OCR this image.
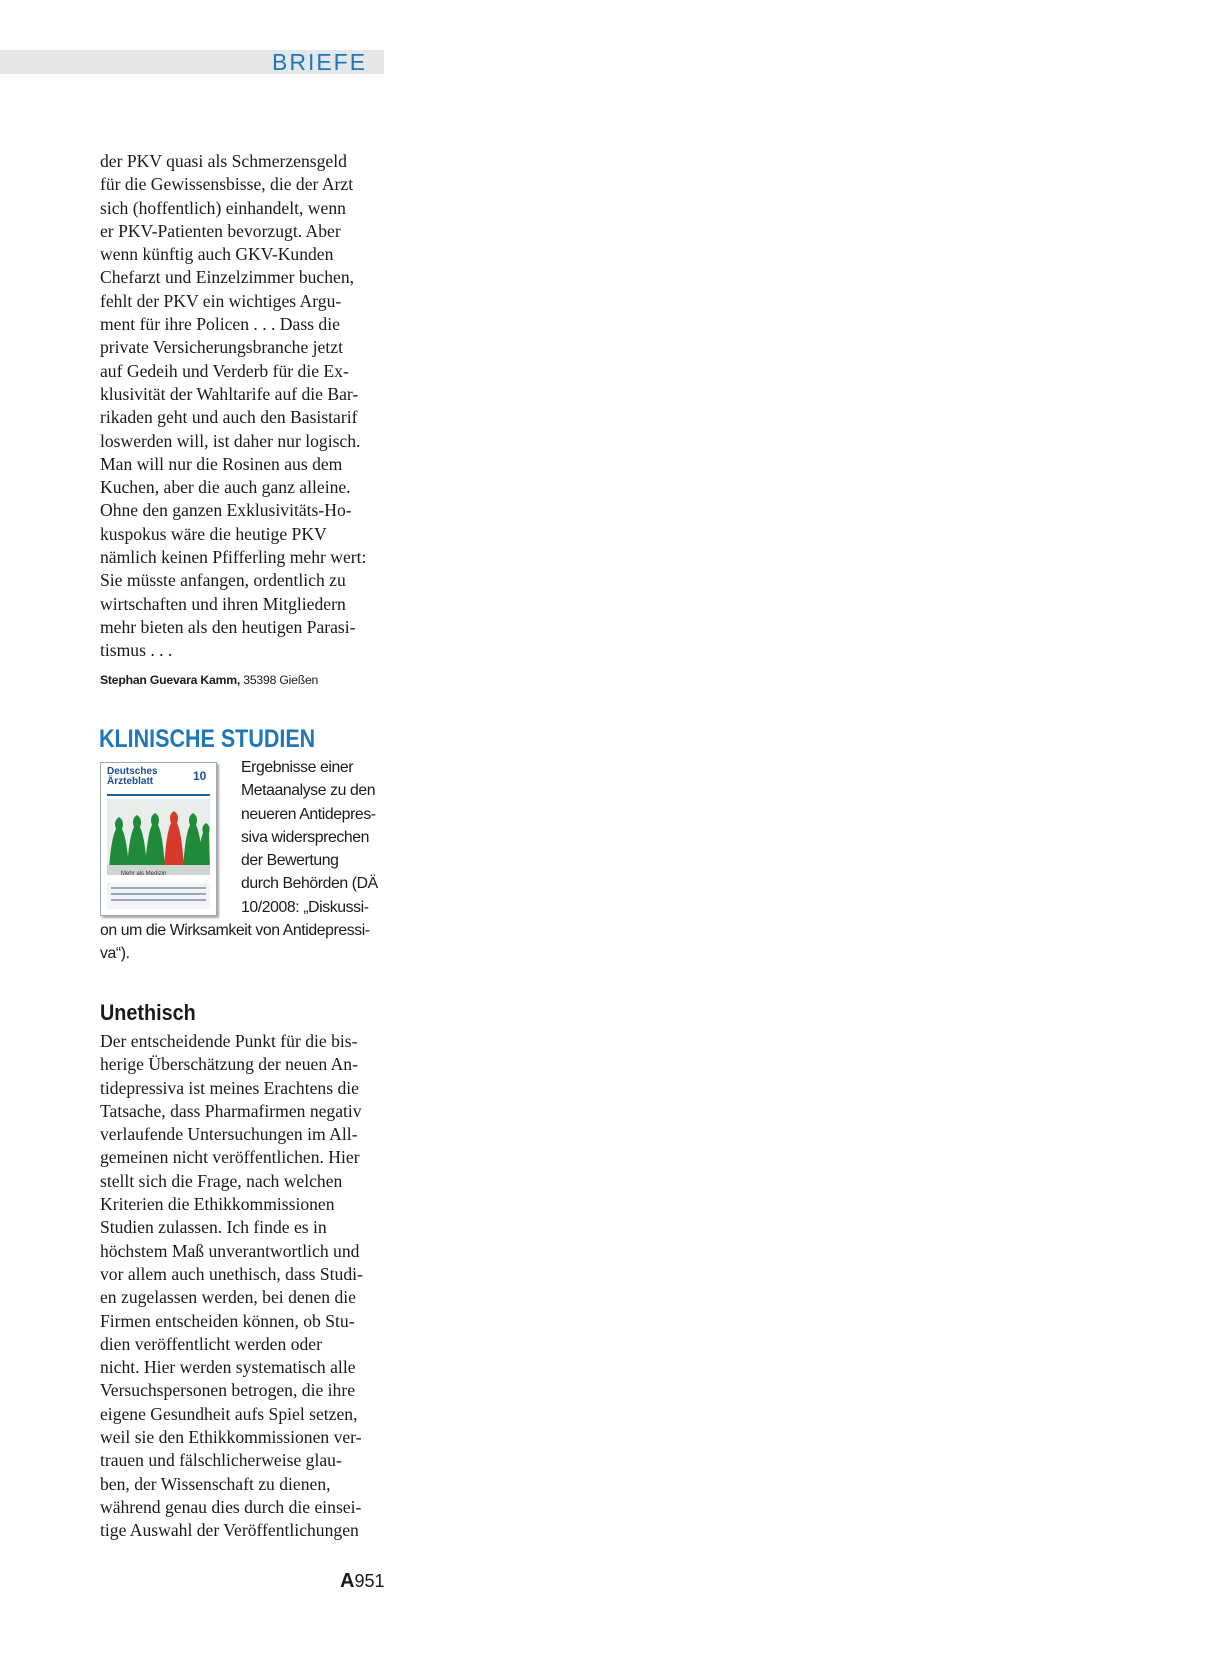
BRIEFE
der PKV quasi als Schmerzensgeld
für die Gewissensbisse, die der Arzt
sich (hoffentlich) einhandelt, wenn
er PKV-Patienten bevorzugt. Aber
wenn künftig auch GKV-Kunden
Chefarzt und Einzelzimmer buchen,
fehlt der PKV ein wichtiges Argu-
ment für ihre Policen . . . Dass die
private Versicherungsbranche jetzt
auf Gedeih und Verderb für die Ex-
klusivität der Wahltarife auf die Bar-
rikaden geht und auch den Basistarif
loswerden will, ist daher nur logisch.
Man will nur die Rosinen aus dem
Kuchen, aber die auch ganz alleine.
Ohne den ganzen Exklusivitäts-Ho-
kuspokus wäre die heutige PKV
nämlich keinen Pfifferling mehr wert:
Sie müsste anfangen, ordentlich zu
wirtschaften und ihren Mitgliedern
mehr bieten als den heutigen Parasi-
tismus . . .
Stephan Guevara Kamm, 35398 Gießen
KLINISCHE STUDIEN
Deutsches
Ärzteblatt	10
Mehr als Medizin
Ergebnisse einer
Metaanalyse zu den
neueren Antidepres-
siva widersprechen
der Bewertung
durch Behörden (DÄ
10/2008: „Diskussi-
on um die Wirksamkeit von Antidepressi-
va“).
Unethisch
Der entscheidende Punkt für die bis-
herige Überschätzung der neuen An-
tidepressiva ist meines Erachtens die
Tatsache, dass Pharmafirmen negativ
verlaufende Untersuchungen im All-
gemeinen nicht veröffentlichen. Hier
stellt sich die Frage, nach welchen
Kriterien die Ethikkommissionen
Studien zulassen. Ich finde es in
höchstem Maß unverantwortlich und
vor allem auch unethisch, dass Studi-
en zugelassen werden, bei denen die
Firmen entscheiden können, ob Stu-
dien veröffentlicht werden oder
nicht. Hier werden systematisch alle
Versuchspersonen betrogen, die ihre
eigene Gesundheit aufs Spiel setzen,
weil sie den Ethikkommissionen ver-
trauen und fälschlicherweise glau-
ben, der Wissenschaft zu dienen,
während genau dies durch die einsei-
tige Auswahl der Veröffentlichungen
A951
